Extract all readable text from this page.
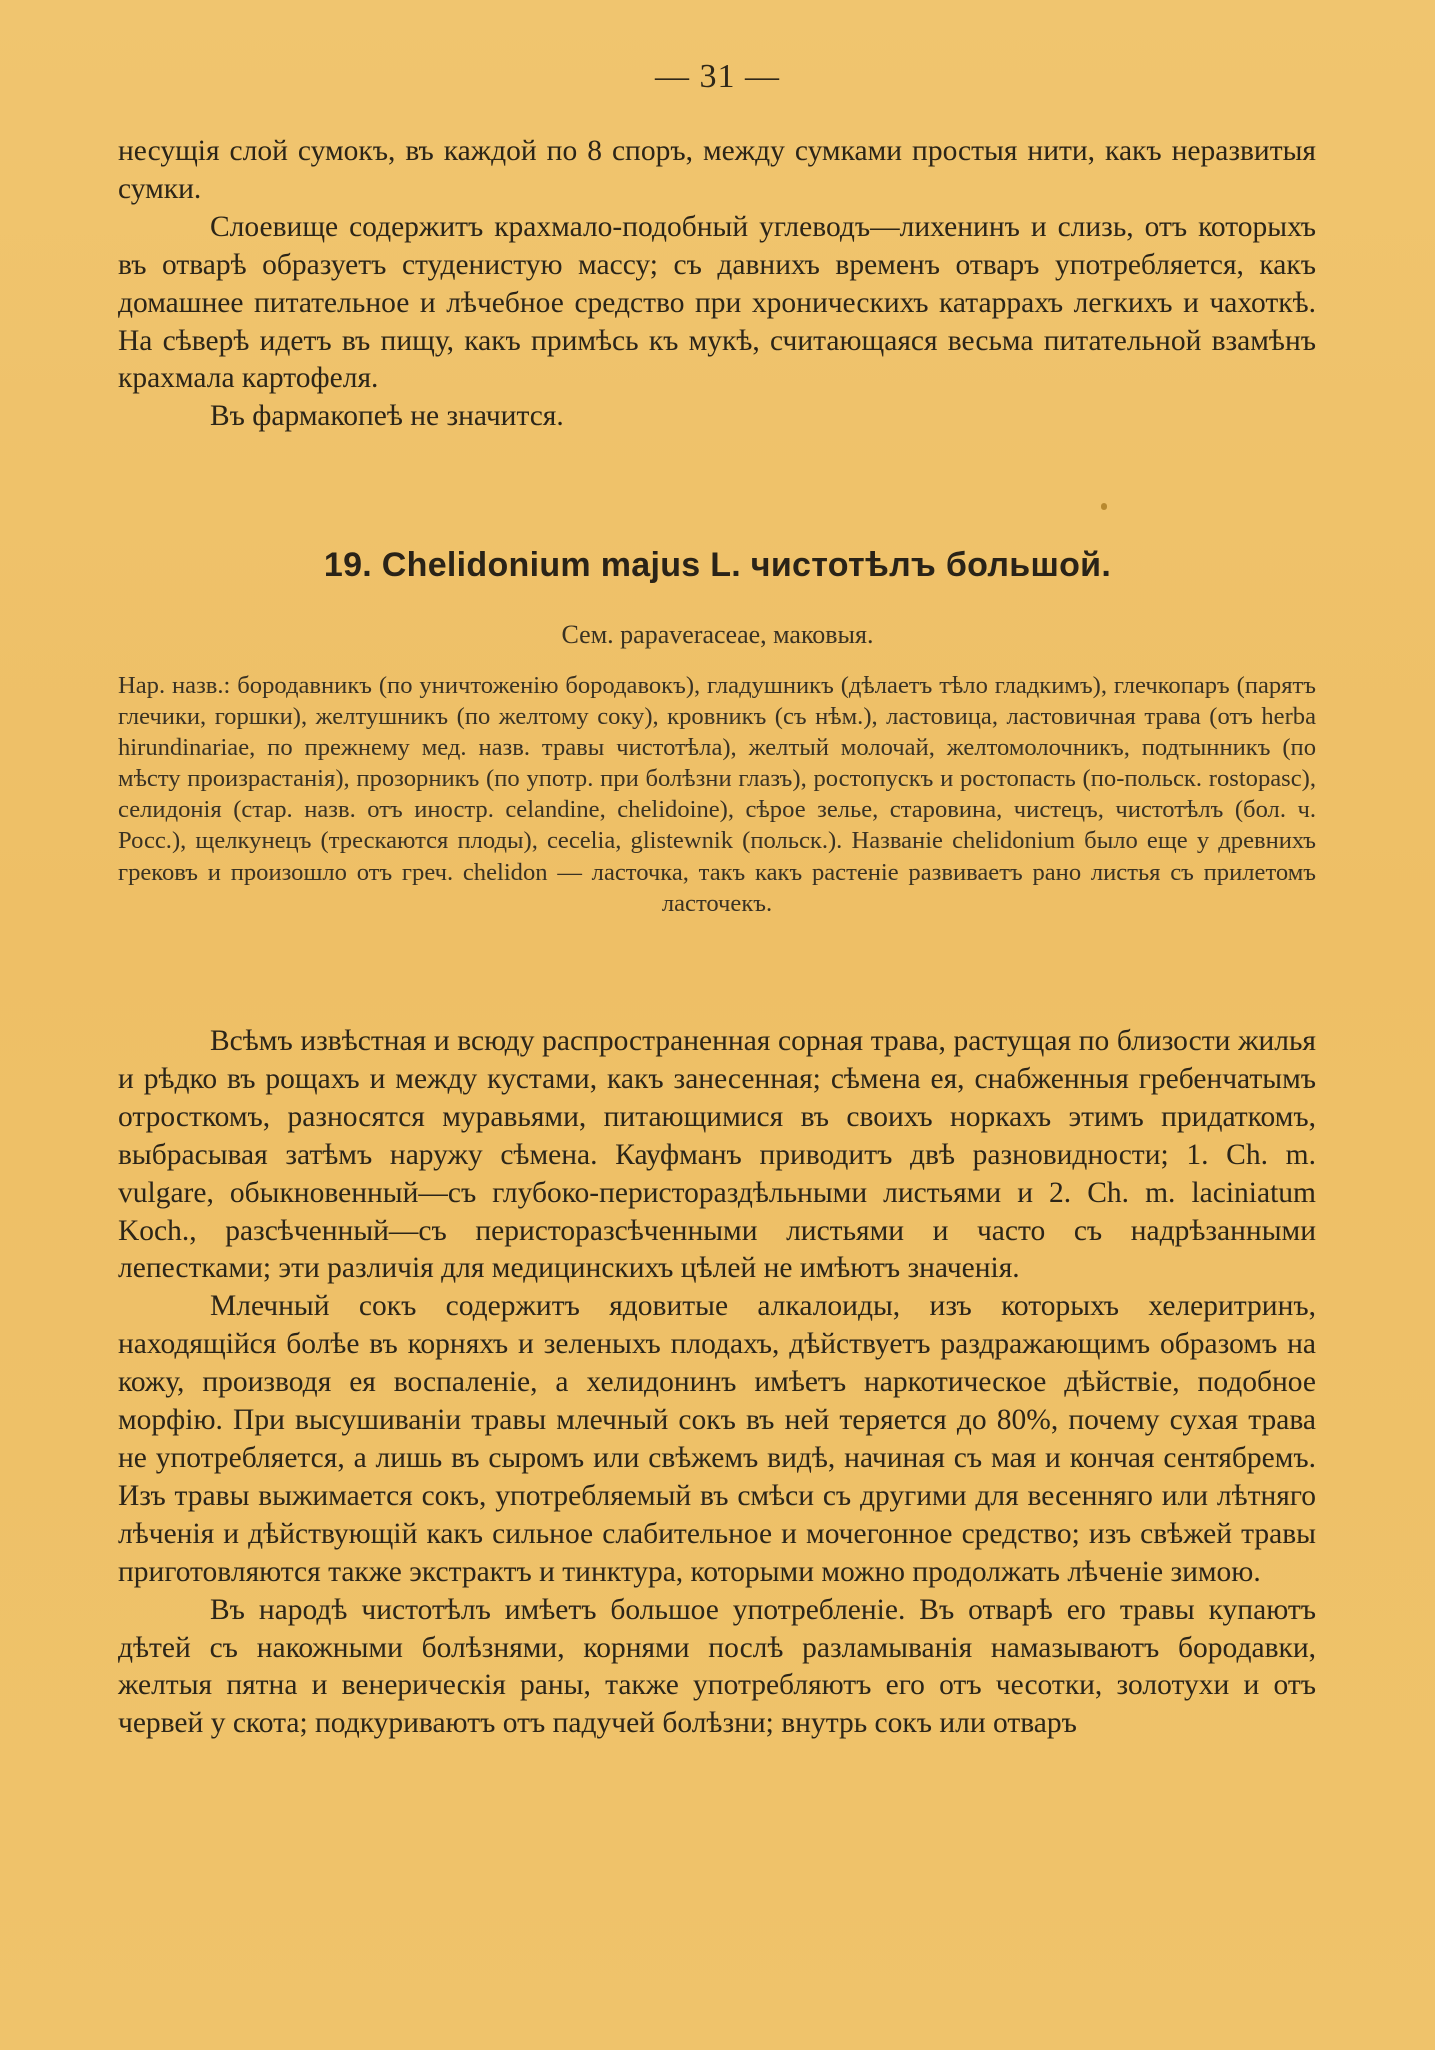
— 31 —

несущія слой сумокъ, въ каждой по 8 споръ, между сумками простыя нити, какъ неразвитыя сумки.

Слоевище содержитъ крахмало-подобный углеводъ—лихенинъ и слизь, отъ которыхъ въ отварѣ образуетъ студенистую массу; съ давнихъ временъ отваръ употребляется, какъ домашнее питательное и лѣчебное средство при хроническихъ катаррахъ легкихъ и чахоткѣ. На сѣверѣ идетъ въ пищу, какъ примѣсь къ мукѣ, считающаяся весьма питательной взамѣнъ крахмала картофеля.

Въ фармакопеѣ не значится.

19. Chelidonium majus L. чистотѣлъ большой.
Сем. papaveraceae, маковыя.
Нар. назв.: бородавникъ (по уничтоженію бородавокъ), гладушникъ (дѣлаетъ тѣло гладкимъ), глечкопаръ (парятъ глечики, горшки), желтушникъ (по желтому соку), кровникъ (съ нѣм.), ластовица, ластовичная трава (отъ herba hirundinariae, по прежнему мед. назв. травы чистотѣла), желтый молочай, желтомолочникъ, подтынникъ (по мѣсту произрастанія), прозорникъ (по употр. при болѣзни глазъ), ростопускъ и ростопасть (по-польск. rostopasc), селидонія (стар. назв. отъ иностр. celandine, chelidoine), сѣрое зелье, старовина, чистецъ, чистотѣлъ (бол. ч. Росс.), щелкунецъ (трескаются плоды), ceceliа, glistewnik (польск.). Названіе chelidonium было еще у древнихъ грековъ и произошло отъ греч. chelidon — ласточка, такъ какъ растеніе развиваетъ рано листья съ прилетомъ ласточекъ.

Всѣмъ извѣстная и всюду распространенная сорная трава, растущая по близости жилья и рѣдко въ рощахъ и между кустами, какъ занесенная; сѣмена ея, снабженныя гребенчатымъ отросткомъ, разносятся муравьями, питающимися въ своихъ норкахъ этимъ придаткомъ, выбрасывая затѣмъ наружу сѣмена. Кауфманъ приводитъ двѣ разновидности; 1. Ch. m. vulgare, обыкновенный—съ глубоко-перистораздѣльными листьями и 2. Ch. m. laciniatum Koch., разсѣченный—съ перисторазсѣченными листьями и часто съ надрѣзанными лепестками; эти различія для медицинскихъ цѣлей не имѣютъ значенія.

Млечный сокъ содержитъ ядовитые алкалоиды, изъ которыхъ хелеритринъ, находящійся болѣе въ корняхъ и зеленыхъ плодахъ, дѣйствуетъ раздражающимъ образомъ на кожу, производя ея воспаленіе, а хелидонинъ имѣетъ наркотическое дѣйствіе, подобное морфію. При высушиваніи травы млечный сокъ въ ней теряется до 80%, почему сухая трава не употребляется, а лишь въ сыромъ или свѣжемъ видѣ, начиная съ мая и кончая сентябремъ. Изъ травы выжимается сокъ, употребляемый въ смѣси съ другими для весенняго или лѣтняго лѣченія и дѣйствующій какъ сильное слабительное и мочегонное средство; изъ свѣжей травы приготовляются также экстрактъ и тинктура, которыми можно продолжать лѣченіе зимою.

Въ народѣ чистотѣлъ имѣетъ большое употребленіе. Въ отварѣ его травы купаютъ дѣтей съ накожными болѣзнями, корнями послѣ разламыванія намазываютъ бородавки, желтыя пятна и венерическія раны, также употребляютъ его отъ чесотки, золотухи и отъ червей у скота; подкуриваютъ отъ падучей болѣзни; внутрь сокъ или отваръ
